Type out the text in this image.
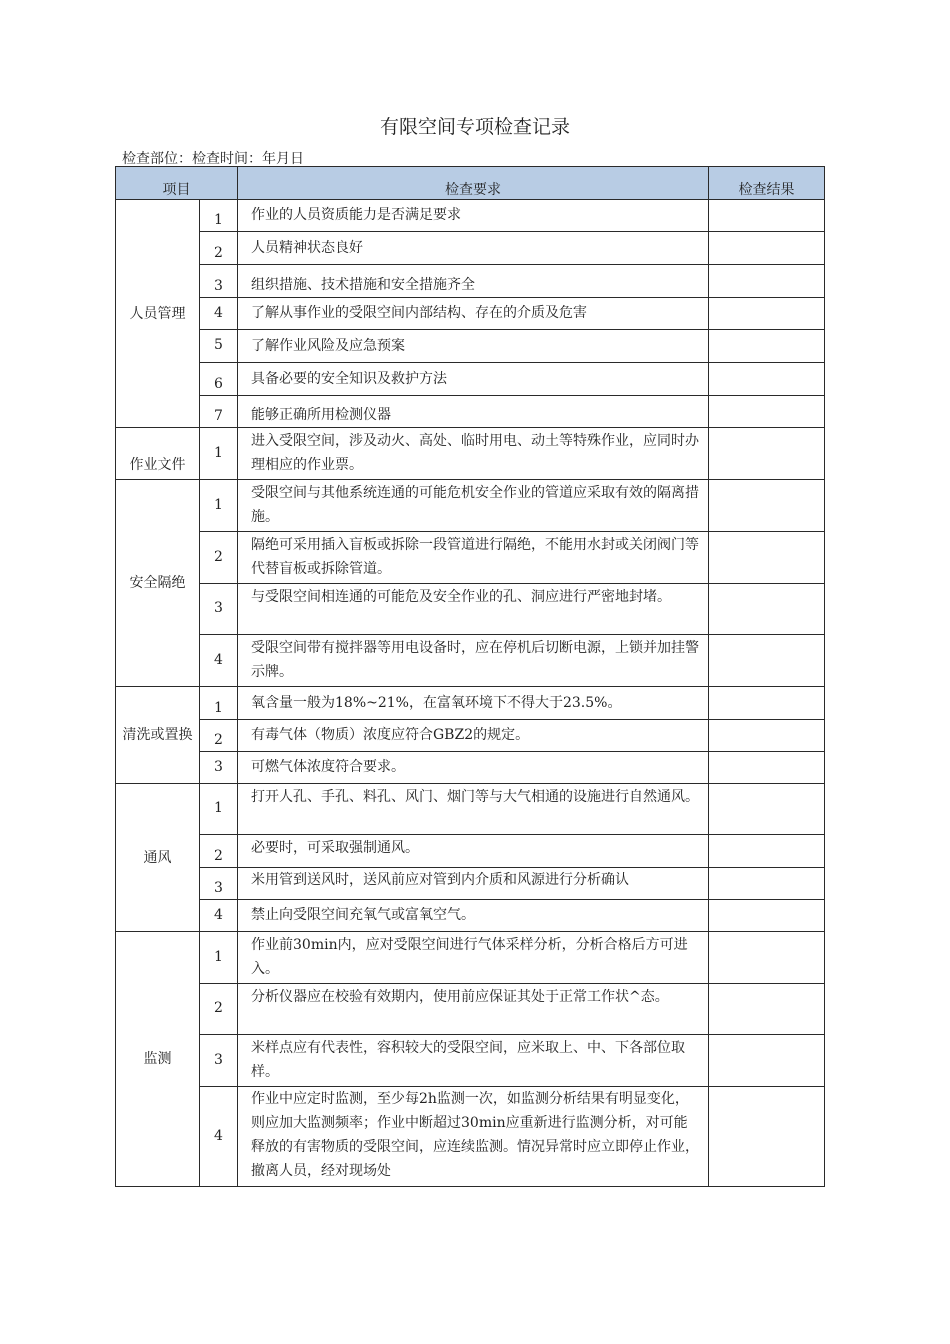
有限空间专项检查记录
检查部位：检查时间：年月日
项目		检查要求	检查结果
人员管理	1	作业的人员资质能力是否满足要求	
	2	人员精神状态良好	
	3	组织措施、技术措施和安全措施齐全	
	4	了解从事作业的受限空间内部结构、存在的介质及危害	
	5	了解作业风险及应急预案	
	6	具备必要的安全知识及救护方法	
	7	能够正确所用检测仪器	
作业文件	1	进入受限空间，涉及动火、高处、临时用电、动土等特殊作业，应同时办理相应的作业票。	
安全隔绝	1	受限空间与其他系统连通的可能危机安全作业的管道应采取有效的隔离措施。	
	2	隔绝可采用插入盲板或拆除一段管道进行隔绝，不能用水封或关闭阀门等代替盲板或拆除管道。	
	3	与受限空间相连通的可能危及安全作业的孔、洞应进行严密地封堵。	
	4	受限空间带有搅拌器等用电设备时，应在停机后切断电源，上锁并加挂警示牌。	
清洗或置换	1	氧含量一般为18%~21%，在富氧环境下不得大于23.5%。	
	2	有毒气体（物质）浓度应符合GBZ2的规定。	
	3	可燃气体浓度符合要求。	
通风	1	打开人孔、手孔、料孔、风门、烟门等与大气相通的设施进行自然通风。	
	2	必要时，可采取强制通风。	
	3	米用管到送风时，送风前应对管到内介质和风源进行分析确认	

	4	禁止向受限空间充氧气或富氧空气。	
监测	1	作业前30min内，应对受限空间进行气体采样分析，分析合格后方可进入。	
	2	分析仪器应在校验有效期内，使用前应保证其处于正常工作状^态。	
	3	米样点应有代表性，容积较大的受限空间，应米取上、中、下各部位取样。	
	4	作业中应定时监测，至少每2h监测一次，如监测分析结果有明显变化，则应加大监测频率；作业中断超过30min应重新进行监测分析，对可能释放的有害物质的受限空间，应连续监测。情况异常时应立即停止作业，撤离人员，经对现场处	
